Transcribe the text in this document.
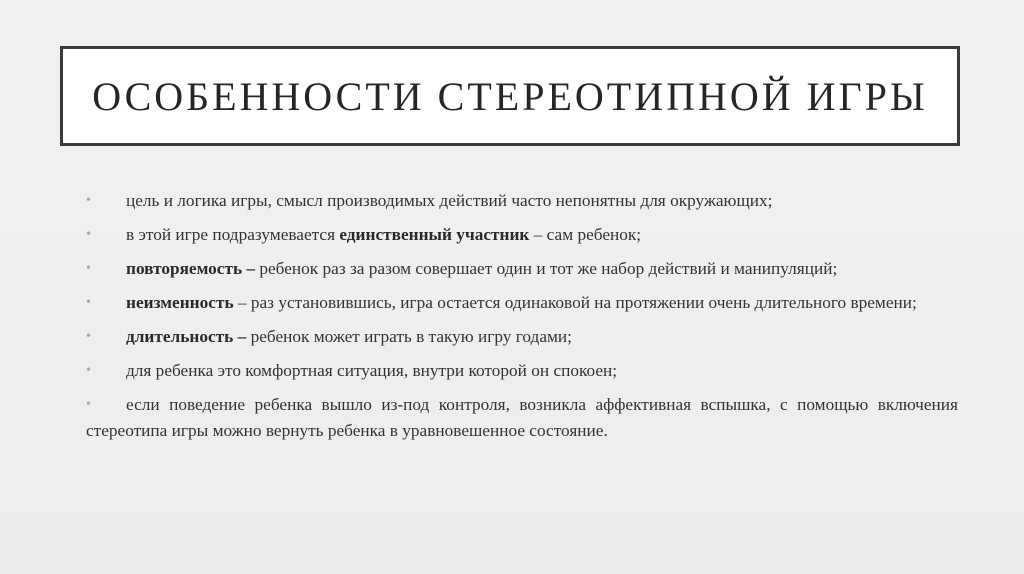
ОСОБЕННОСТИ СТЕРЕОТИПНОЙ ИГРЫ
•	цель и логика игры, смысл производимых действий часто непонятны для окружающих;
•	в этой игре подразумевается единственный участник – сам ребенок;
•	повторяемость – ребенок раз за разом совершает один и тот же набор действий и манипуляций;
•	неизменность – раз установившись, игра остается одинаковой на протяжении очень длительного времени;
•	длительность – ребенок может играть в такую игру годами;
•	для ребенка это комфортная ситуация, внутри которой он спокоен;
•	если поведение ребенка вышло из-под контроля, возникла аффективная вспышка, с помощью включения стереотипа игры можно вернуть ребенка в уравновешенное состояние.
